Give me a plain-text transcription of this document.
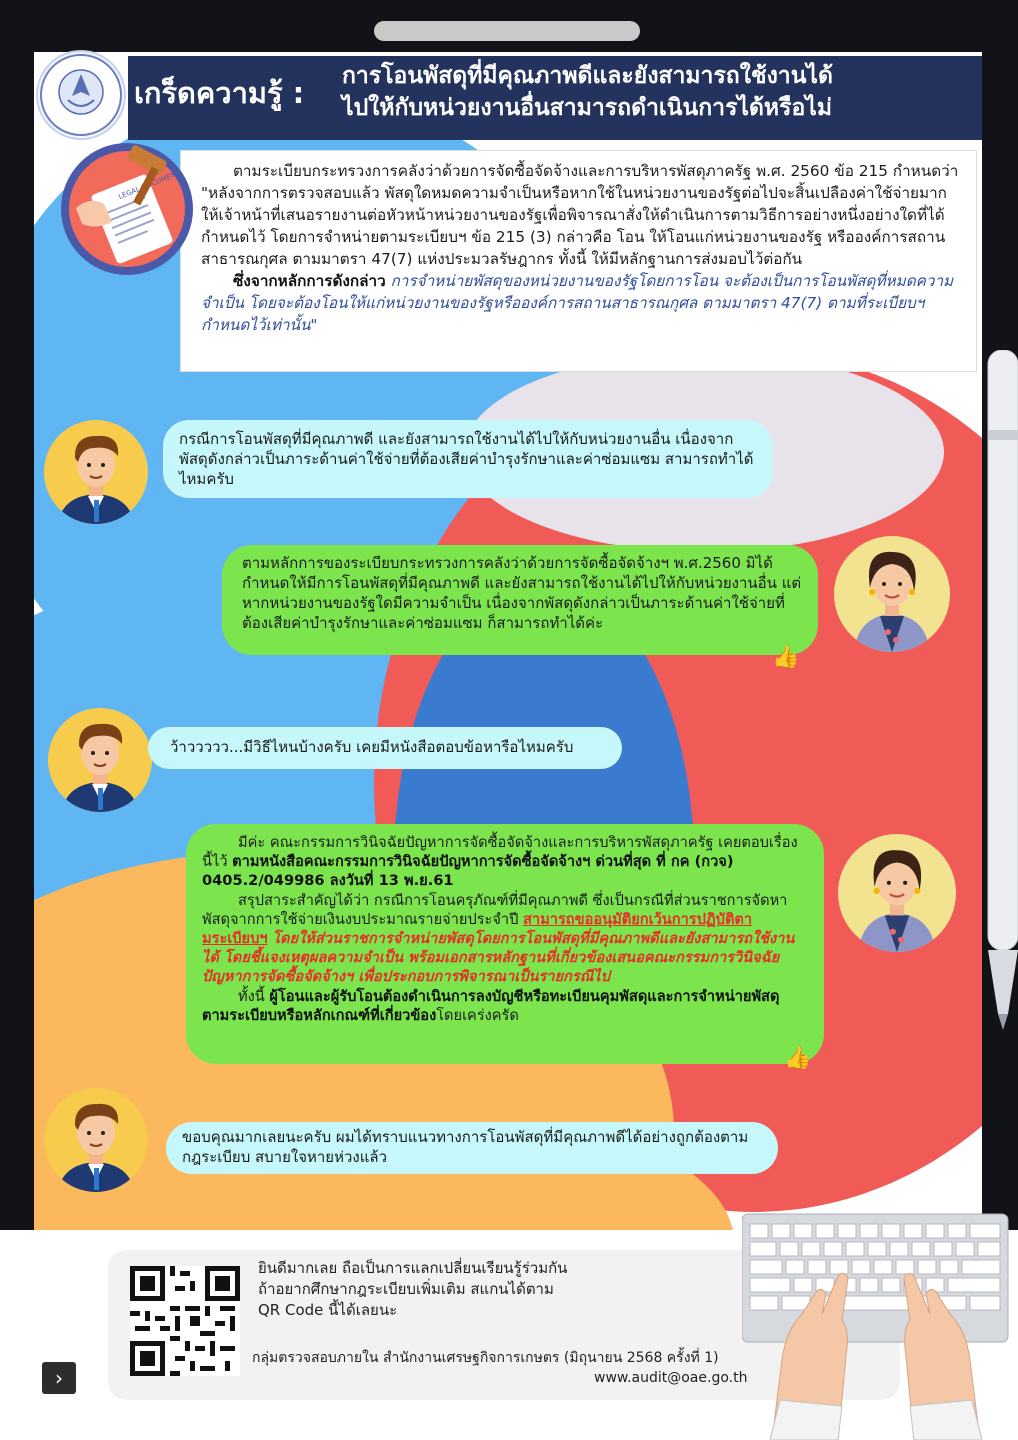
เกร็ดความรู้ : การโอนพัสดุที่มีคุณภาพดีและยังสามารถใช้งานได้
ไปให้กับหน่วยงานอื่นสามารถดำเนินการได้หรือไม่

ตามระเบียบกระทรวงการคลังว่าด้วยการจัดซื้อจัดจ้างและการบริหารพัสดุภาครัฐ พ.ศ. 2560 ข้อ 215 กำหนดว่า "หลังจากการตรวจสอบแล้ว พัสดุใดหมดความจำเป็นหรือหากใช้ในหน่วยงานของรัฐต่อไปจะสิ้นเปลืองค่าใช้จ่ายมาก ให้เจ้าหน้าที่เสนอรายงานต่อหัวหน้าหน่วยงานของรัฐเพื่อพิจารณาสั่งให้ดำเนินการตามวิธีการอย่างหนึ่งอย่างใดที่ได้กำหนดไว้ โดยการจำหน่ายตามระเบียบฯ ข้อ 215 (3) กล่าวคือ โอน ให้โอนแก่หน่วยงานของรัฐ หรือองค์การสถานสาธารณกุศล ตามมาตรา 47(7) แห่งประมวลรัษฎากร ทั้งนี้ ให้มีหลักฐานการส่งมอบไว้ต่อกัน

ซึ่งจากหลักการดังกล่าว การจำหน่ายพัสดุของหน่วยงานของรัฐโดยการโอน จะต้องเป็นการโอนพัสดุที่หมดความจำเป็น โดยจะต้องโอนให้แก่หน่วยงานของรัฐหรือองค์การสถานสาธารณกุศล ตามมาตรา 47(7) ตามที่ระเบียบฯ กำหนดไว้เท่านั้น"

LEGAL DOCUMENT

กรณีการโอนพัสดุที่มีคุณภาพดี และยังสามารถใช้งานได้ไปให้กับหน่วยงานอื่น เนื่องจากพัสดุดังกล่าวเป็นภาระด้านค่าใช้จ่ายที่ต้องเสียค่าบำรุงรักษาและค่าซ่อมแซม สามารถทำได้ไหมครับ

ตามหลักการของระเบียบกระทรวงการคลังว่าด้วยการจัดซื้อจัดจ้างฯ พ.ศ.2560 มิได้กำหนดให้มีการโอนพัสดุที่มีคุณภาพดี และยังสามารถใช้งานได้ไปให้กับหน่วยงานอื่น แต่หากหน่วยงานของรัฐใดมีความจำเป็น เนื่องจากพัสดุดังกล่าวเป็นภาระด้านค่าใช้จ่ายที่ต้องเสียค่าบำรุงรักษาและค่าซ่อมแซม ก็สามารถทำได้ค่ะ

👍

ว้าววววว...มีวิธีไหนบ้างครับ เคยมีหนังสือตอบข้อหารือไหมครับ

มีค่ะ คณะกรรมการวินิจฉัยปัญหาการจัดซื้อจัดจ้างและการบริหารพัสดุภาครัฐ เคยตอบเรื่องนี้ไว้ ตามหนังสือคณะกรรมการวินิจฉัยปัญหาการจัดซื้อจัดจ้างฯ ด่วนที่สุด ที่ กค (กวจ) 0405.2/049986 ลงวันที่ 13 พ.ย.61

สรุปสาระสำคัญได้ว่า กรณีการโอนครุภัณฑ์ที่มีคุณภาพดี ซึ่งเป็นกรณีที่ส่วนราชการจัดหาพัสดุจากการใช้จ่ายเงินงบประมาณรายจ่ายประจำปี สามารถขออนุมัติยกเว้นการปฏิบัติตามระเบียบฯ โดยให้ส่วนราชการจำหน่ายพัสดุโดยการโอนพัสดุที่มีคุณภาพดีและยังสามารถใช้งานได้ โดยชี้แจงเหตุผลความจำเป็น พร้อมเอกสารหลักฐานที่เกี่ยวข้องเสนอคณะกรรมการวินิจฉัยปัญหาการจัดซื้อจัดจ้างฯ เพื่อประกอบการพิจารณาเป็นรายกรณีไป

ทั้งนี้ ผู้โอนและผู้รับโอนต้องดำเนินการลงบัญชีหรือทะเบียนคุมพัสดุและการจำหน่ายพัสดุตามระเบียบหรือหลักเกณฑ์ที่เกี่ยวข้องโดยเคร่งครัด

👍

ขอบคุณมากเลยนะครับ ผมได้ทราบแนวทางการโอนพัสดุที่มีคุณภาพดีได้อย่างถูกต้องตามกฎระเบียบ สบายใจหายห่วงแล้ว

ยินดีมากเลย ถือเป็นการแลกเปลี่ยนเรียนรู้ร่วมกัน
ถ้าอยากศึกษากฎระเบียบเพิ่มเติม สแกนได้ตาม
QR Code นี้ได้เลยนะ
กลุ่มตรวจสอบภายใน สำนักงานเศรษฐกิจการเกษตร (มิถุนายน 2568 ครั้งที่ 1)
www.audit@oae.go.th
›
